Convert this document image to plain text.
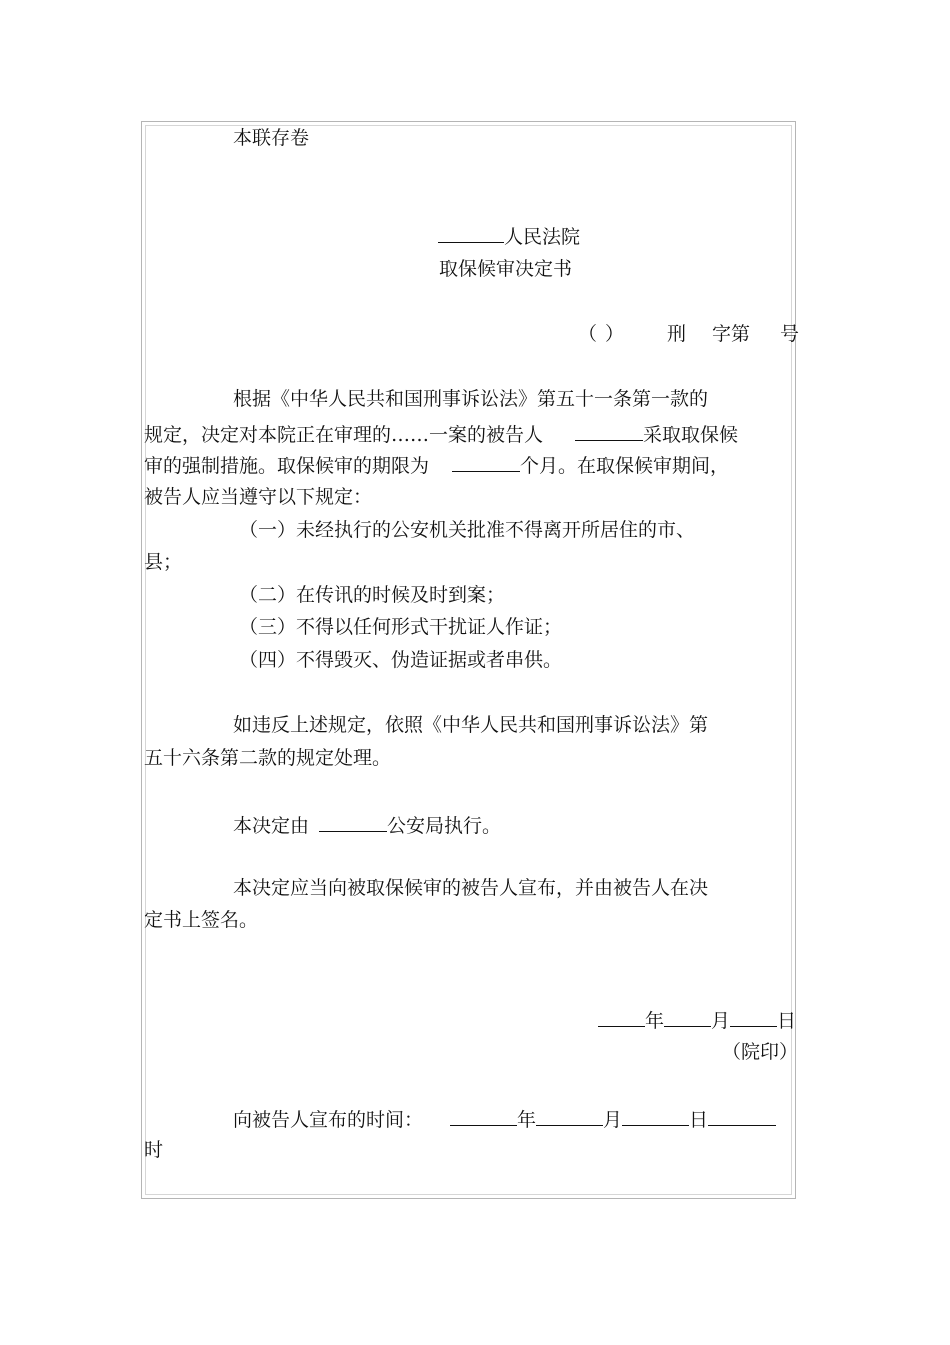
本联存卷
人民法院
取保候审决定书
（ ） 刑 字第 号
根据《中华人民共和国刑事诉讼法》第五十一条第一款的
规定，决定对本院正在审理的……一案的被告人	采取取保候
审的强制措施。取保候审的期限为	个月。在取保候审期间，
被告人应当遵守以下规定：
（一）未经执行的公安机关批准不得离开所居住的市、
县；
（二）在传讯的时候及时到案；
（三）不得以任何形式干扰证人作证；
（四）不得毁灭、伪造证据或者串供。
如违反上述规定，依照《中华人民共和国刑事诉讼法》第
五十六条第二款的规定处理。
本决定由	公安局执行。
本决定应当向被取保候审的被告人宣布，并由被告人在决
定书上签名。
年 月 日
（院印）
向被告人宣布的时间：	年	月	日
时
